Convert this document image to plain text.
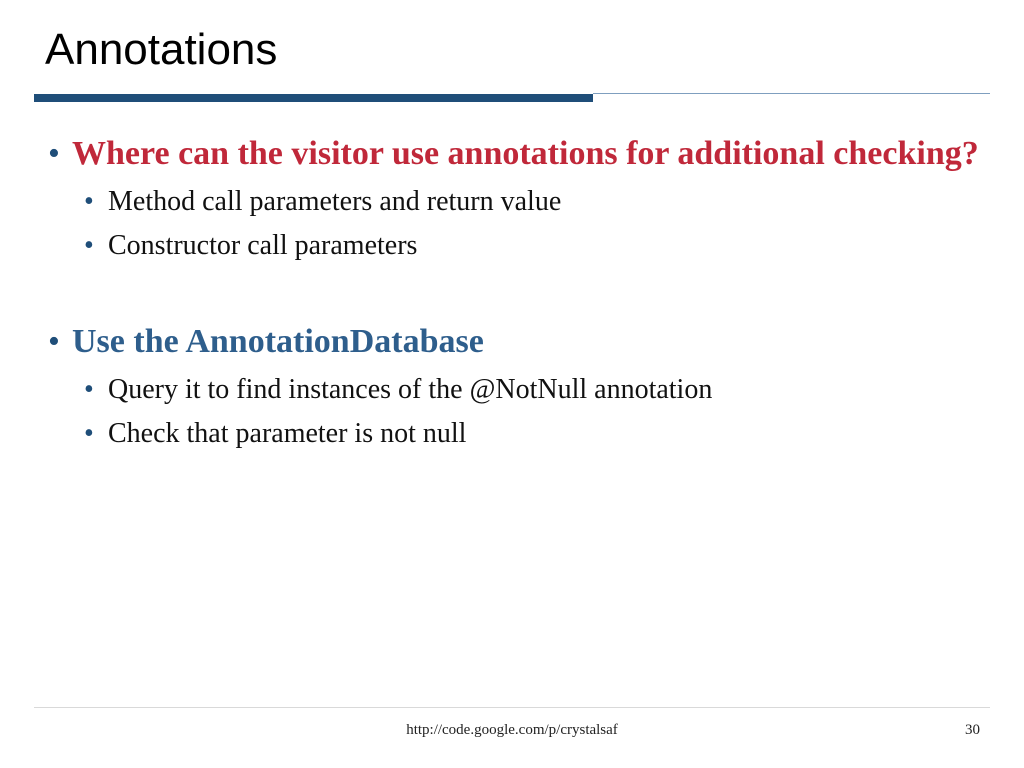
Annotations
• Where can the visitor use annotations for additional checking?
• Method call parameters and return value
• Constructor call parameters
• Use the AnnotationDatabase
• Query it to find instances of the @NotNull annotation
• Check that parameter is not null
http://code.google.com/p/crystalsaf	30
